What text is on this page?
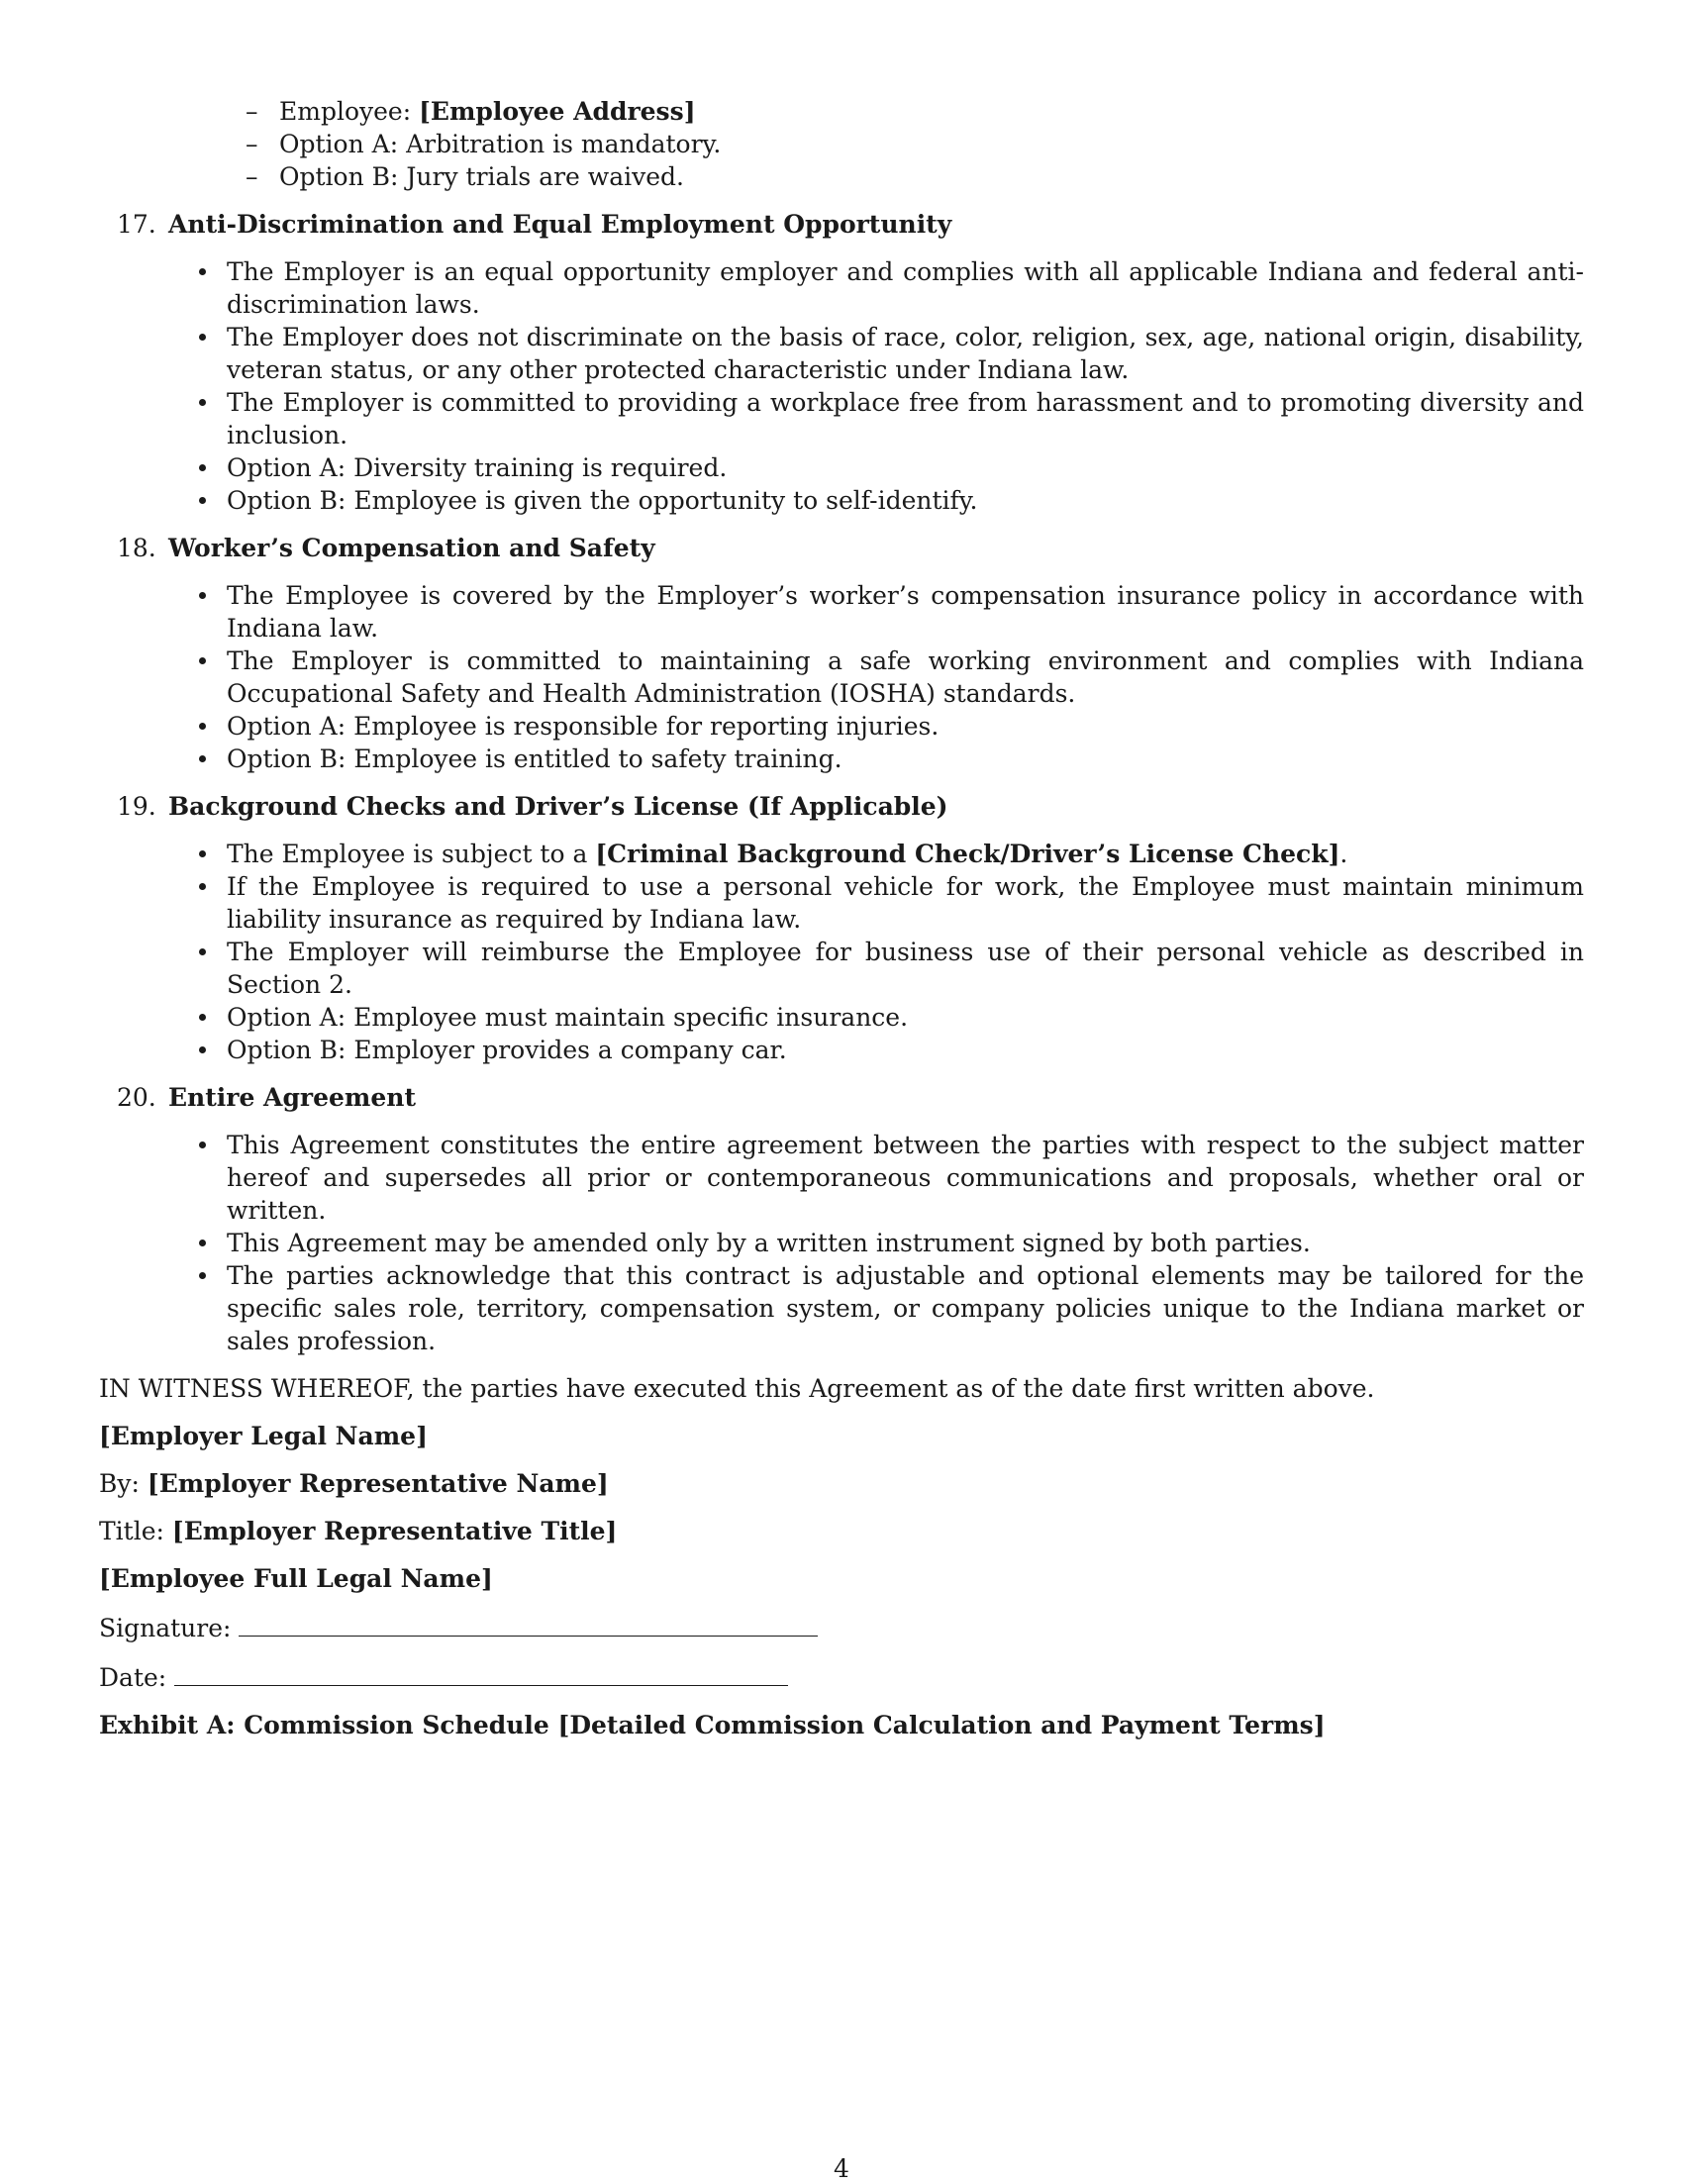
– Employee: [Employee Address]
– Option A: Arbitration is mandatory.
– Option B: Jury trials are waived.
17. Anti-Discrimination and Equal Employment Opportunity
The Employer is an equal opportunity employer and complies with all applicable Indiana and federal anti-discrimination laws.
The Employer does not discriminate on the basis of race, color, religion, sex, age, national origin, disability, veteran status, or any other protected characteristic under Indiana law.
The Employer is committed to providing a workplace free from harassment and to promoting diversity and inclusion.
Option A: Diversity training is required.
Option B: Employee is given the opportunity to self-identify.
18. Worker’s Compensation and Safety
The Employee is covered by the Employer’s worker’s compensation insurance policy in accordance with Indiana law.
The Employer is committed to maintaining a safe working environment and complies with Indiana Occupational Safety and Health Administration (IOSHA) standards.
Option A: Employee is responsible for reporting injuries.
Option B: Employee is entitled to safety training.
19. Background Checks and Driver’s License (If Applicable)
The Employee is subject to a [Criminal Background Check/Driver’s License Check].
If the Employee is required to use a personal vehicle for work, the Employee must maintain minimum liability insurance as required by Indiana law.
The Employer will reimburse the Employee for business use of their personal vehicle as described in Section 2.
Option A: Employee must maintain specific insurance.
Option B: Employer provides a company car.
20. Entire Agreement
This Agreement constitutes the entire agreement between the parties with respect to the subject matter hereof and supersedes all prior or contemporaneous communications and proposals, whether oral or written.
This Agreement may be amended only by a written instrument signed by both parties.
The parties acknowledge that this contract is adjustable and optional elements may be tailored for the specific sales role, territory, compensation system, or company policies unique to the Indiana market or sales profession.
IN WITNESS WHEREOF, the parties have executed this Agreement as of the date first written above.
[Employer Legal Name]
By: [Employer Representative Name]
Title: [Employer Representative Title]
[Employee Full Legal Name]
Signature:
Date:
Exhibit A: Commission Schedule [Detailed Commission Calculation and Payment Terms]
4
